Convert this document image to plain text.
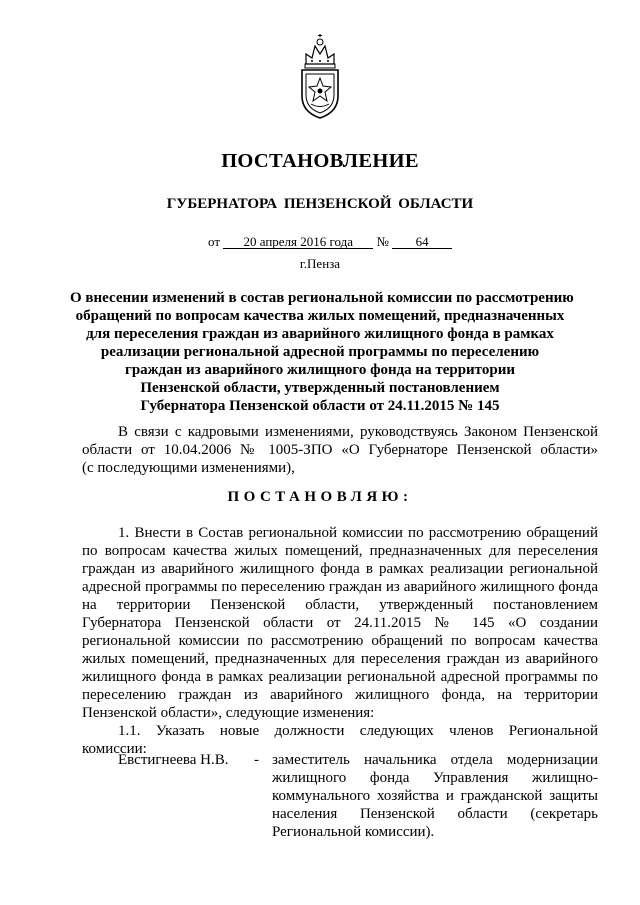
ПОСТАНОВЛЕНИЕ
ГУБЕРНАТОРА ПЕНЗЕНСКОЙ ОБЛАСТИ
от 20 апреля 2016 года № 64
г.Пенза
О внесении изменений в состав региональной комиссии по рассмотрению
обращений по вопросам качества жилых помещений, предназначенных
для переселения граждан из аварийного жилищного фонда в рамках
реализации региональной адресной программы по переселению
граждан из аварийного жилищного фонда на территории
Пензенской области, утвержденный постановлением
Губернатора Пензенской области от 24.11.2015 № 145
В связи с кадровыми изменениями, руководствуясь Законом Пензенской
области от 10.04.2006 № 1005-ЗПО «О Губернаторе Пензенской области»
(с последующими изменениями),
ПОСТАНОВЛЯЮ:
1. Внести в Состав региональной комиссии по рассмотрению обращений
по вопросам качества жилых помещений, предназначенных для переселения
граждан из аварийного жилищного фонда в рамках реализации региональной
адресной программы по переселению граждан из аварийного жилищного фонда
на территории Пензенской области, утвержденный постановлением
Губернатора Пензенской области от 24.11.2015 № 145 «О создании
региональной комиссии по рассмотрению обращений по вопросам качества
жилых помещений, предназначенных для переселения граждан из аварийного
жилищного фонда в рамках реализации региональной адресной программы по
переселению граждан из аварийного жилищного фонда, на территории
Пензенской области», следующие изменения:
1.1. Указать новые должности следующих членов Региональной
комиссии:
Евстигнеева Н.В. - заместитель начальника отдела модернизации
жилищного фонда Управления жилищно-
коммунального хозяйства и гражданской защиты
населения Пензенской области (секретарь
Региональной комиссии).
